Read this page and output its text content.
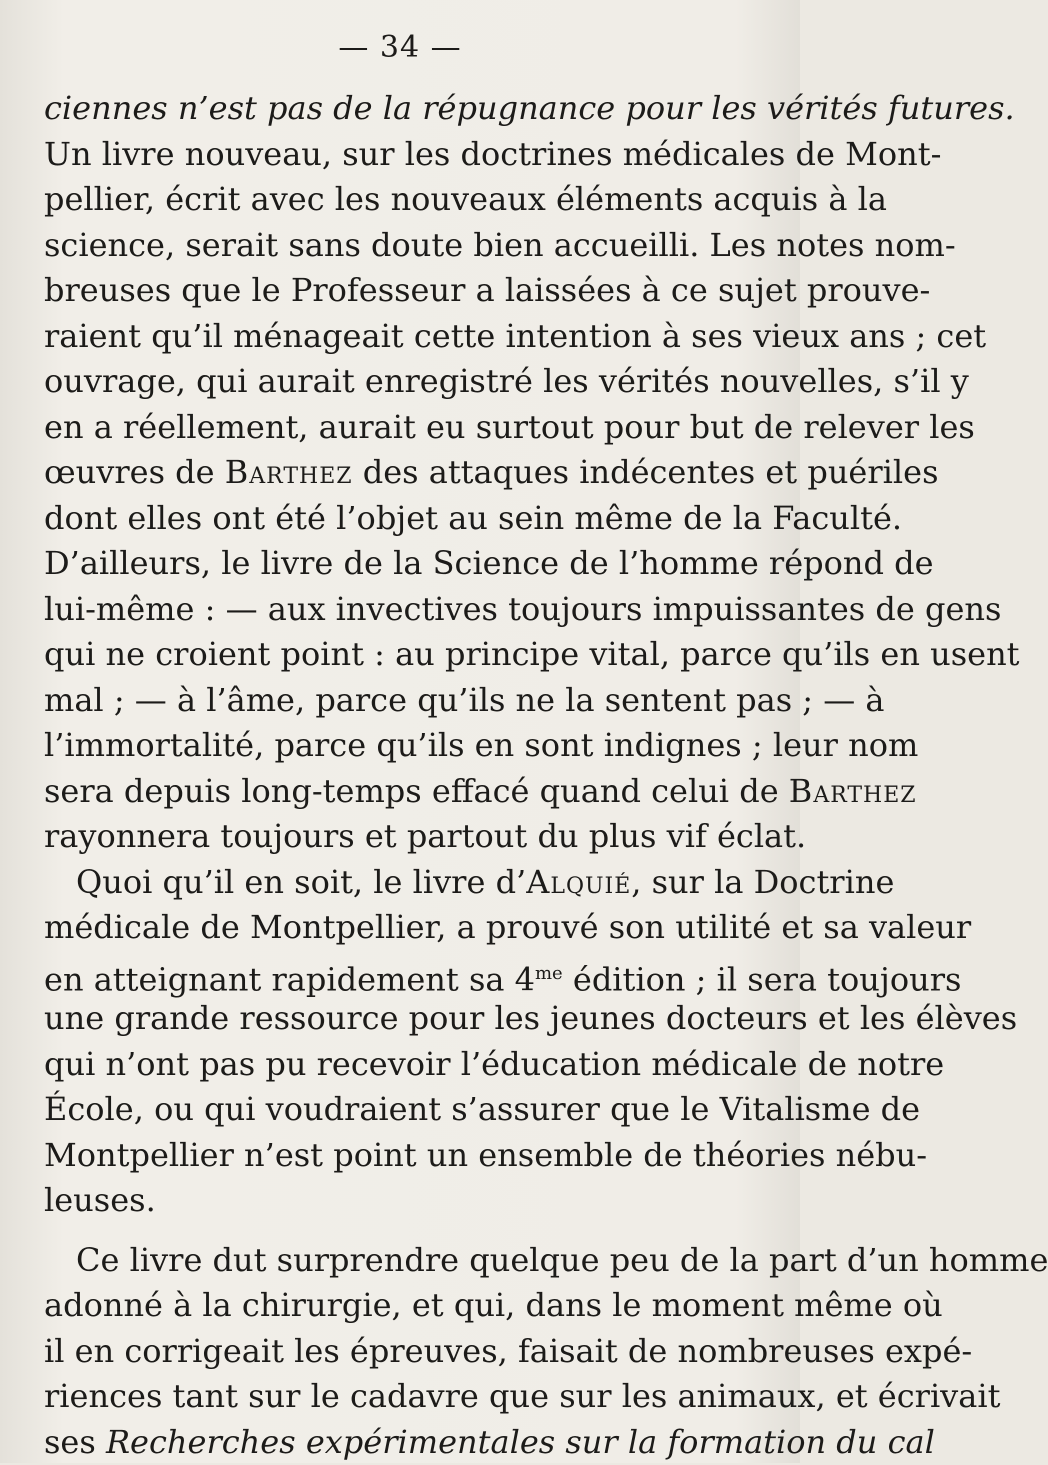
— 34 —
ciennes n’est pas de la répugnance pour les vérités futures.
Un livre nouveau, sur les doctrines médicales de Mont-
pellier, écrit avec les nouveaux éléments acquis à la
science, serait sans doute bien accueilli. Les notes nom-
breuses que le Professeur a laissées à ce sujet prouve-
raient qu’il ménageait cette intention à ses vieux ans ; cet
ouvrage, qui aurait enregistré les vérités nouvelles, s’il y
en a réellement, aurait eu surtout pour but de relever les
œuvres de Barthez des attaques indécentes et puériles
dont elles ont été l’objet au sein même de la Faculté.
D’ailleurs, le livre de la Science de l’homme répond de
lui-même : — aux invectives toujours impuissantes de gens
qui ne croient point : au principe vital, parce qu’ils en usent
mal ; — à l’âme, parce qu’ils ne la sentent pas ; — à
l’immortalité, parce qu’ils en sont indignes ; leur nom
sera depuis long-temps effacé quand celui de Barthez
rayonnera toujours et partout du plus vif éclat.
Quoi qu’il en soit, le livre d’Alquié, sur la Doctrine
médicale de Montpellier, a prouvé son utilité et sa valeur
en atteignant rapidement sa $4^{me}$ édition ; il sera toujours
une grande ressource pour les jeunes docteurs et les élèves
qui n’ont pas pu recevoir l’éducation médicale de notre
École, ou qui voudraient s’assurer que le Vitalisme de
Montpellier n’est point un ensemble de théories nébu-
leuses.
Ce livre dut surprendre quelque peu de la part d’un homme
adonné à la chirurgie, et qui, dans le moment même où
il en corrigeait les épreuves, faisait de nombreuses expé-
riences tant sur le cadavre que sur les animaux, et écrivait
ses Recherches expérimentales sur la formation du cal
